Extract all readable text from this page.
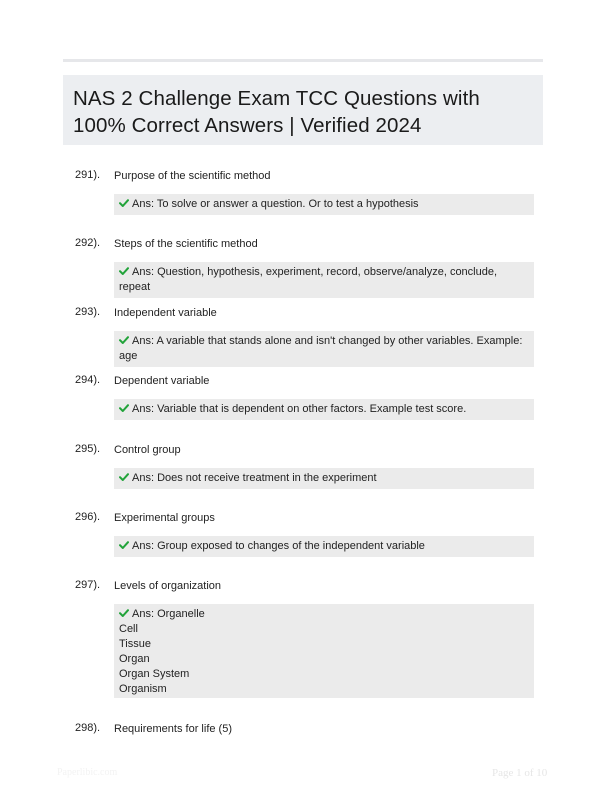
NAS 2 Challenge Exam TCC Questions with 100% Correct Answers | Verified 2024
291). Purpose of the scientific method
Ans: To solve or answer a question. Or to test a hypothesis
292). Steps of the scientific method
Ans: Question, hypothesis, experiment, record, observe/analyze, conclude, repeat
293). Independent variable
Ans: A variable that stands alone and isn't changed by other variables. Example: age
294). Dependent variable
Ans: Variable that is dependent on other factors. Example test score.
295). Control group
Ans: Does not receive treatment in the experiment
296). Experimental groups
Ans: Group exposed to changes of the independent variable
297). Levels of organization
Ans: Organelle
Cell
Tissue
Organ
Organ System
Organism
298). Requirements for life (5)
Paperlibic.com	Page 1 of 10
